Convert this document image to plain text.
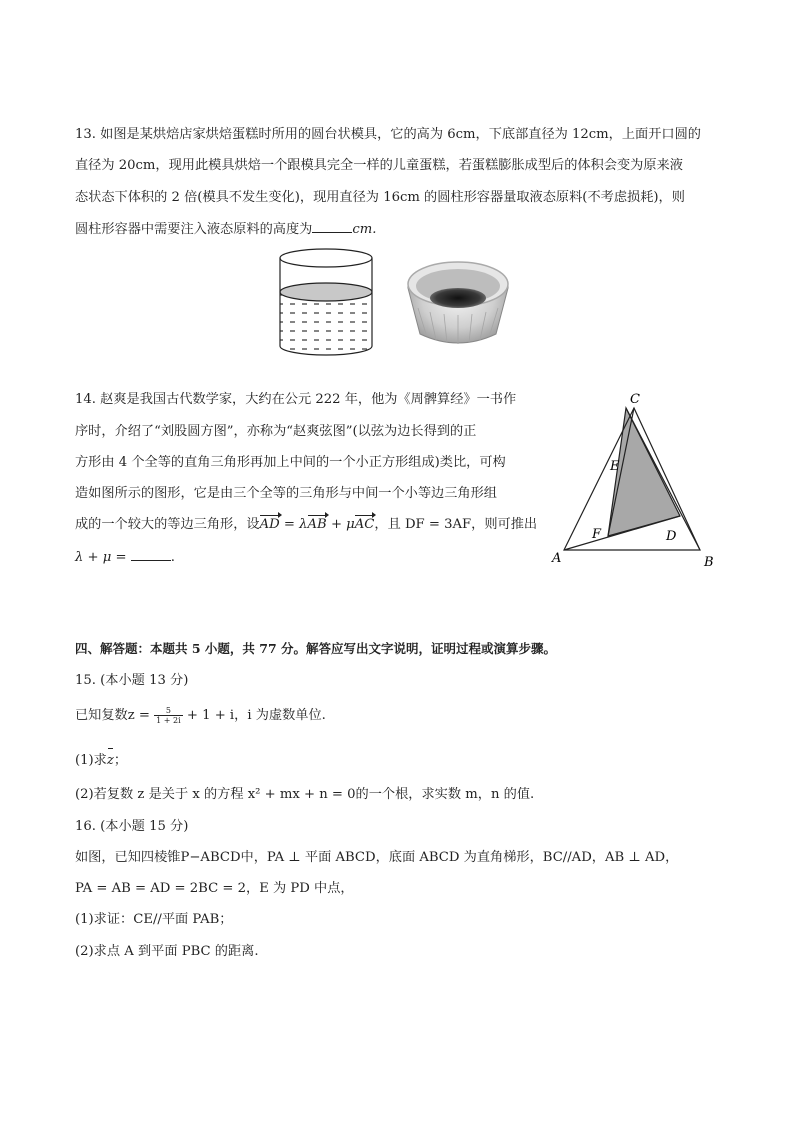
13. 如图是某烘焙店家烘焙蛋糕时所用的圆台状模具，它的高为 6cm，下底部直径为 12cm，上面开口圆的
直径为 20cm，现用此模具烘焙一个跟模具完全一样的儿童蛋糕，若蛋糕膨胀成型后的体积会变为原来液
态状态下体积的 2 倍(模具不发生变化)，现用直径为 16cm 的圆柱形容器量取液态原料(不考虑损耗)，则
圆柱形容器中需要注入液态原料的高度为	cm.
14. 赵爽是我国古代数学家，大约在公元 222 年，他为《周髀算经》一书作
序时，介绍了“刘股圆方图”，亦称为“赵爽弦图”(以弦为边长得到的正
方形由 4 个全等的直角三角形再加上中间的一个小正方形组成)类比，可构
造如图所示的图形，它是由三个全等的三角形与中间一个小等边三角形组
成的一个较大的等边三角形，设AD = λAB + μAC，且 DF = 3AF，则可推出
λ + μ =	.
C
E
F	D
A	B
四、解答题：本题共 5 小题，共 77 分。解答应写出文字说明，证明过程或演算步骤。
15. (本小题 13 分)
已知复数$z = \frac{5}{1 + 2i} + 1 + i$，i 为虚数单位.
(1)求z；
(2)若复数 z 是关于 x 的方程 x² + mx + n = 0的一个根，求实数 m，n 的值.
16. (本小题 15 分)
如图，已知四棱锥P−ABCD中，PA ⊥ 平面 ABCD，底面 ABCD 为直角梯形，BC//AD，AB ⊥ AD，
PA = AB = AD = 2BC = 2，E 为 PD 中点，
(1)求证：CE//平面 PAB；
(2)求点 A 到平面 PBC 的距离.
